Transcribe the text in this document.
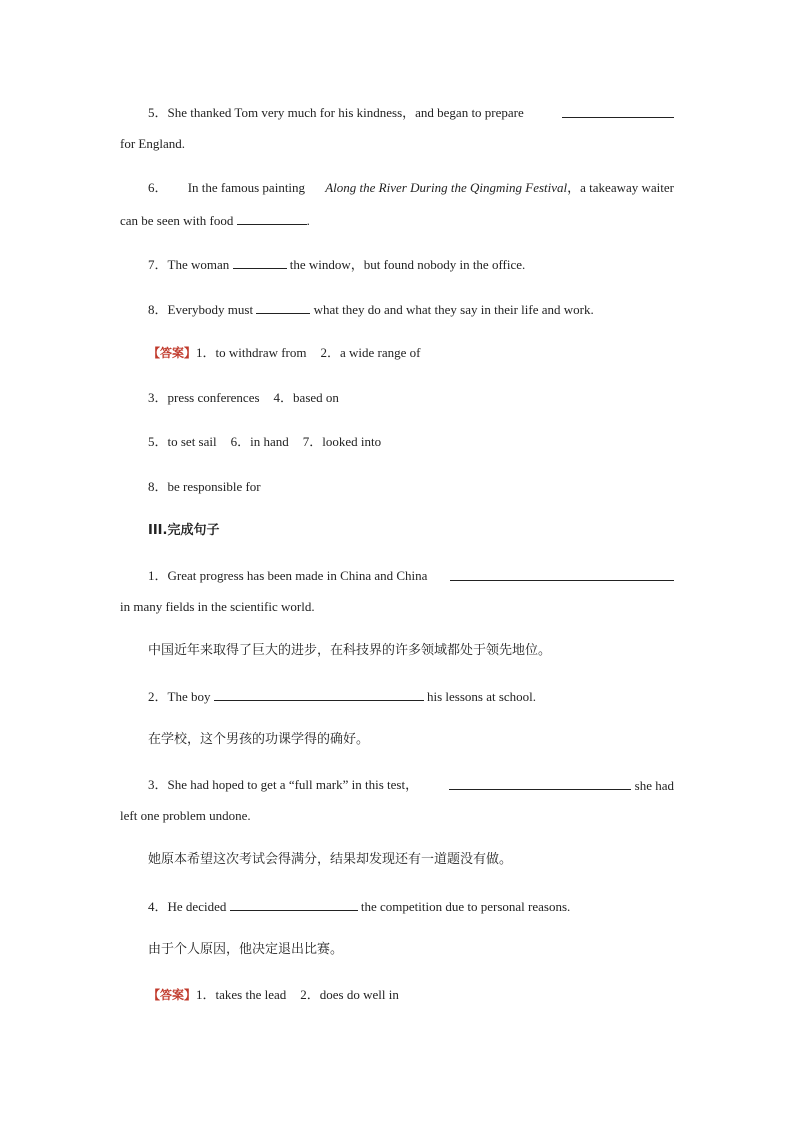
5．She thanked Tom very much for his kindness，and began to prepare
for England.
6． In the famous painting Along the River During the Qingming Festival，a takeaway waiter
can be seen with food	.
7．The woman	the window，but found nobody in the office.
8．Everybody must	what they do and what they say in their life and work.
【答案】1．to withdraw from 2．a wide range of
3．press conferences 4．based on
5．to set sail 6．in hand 7．looked into
8．be responsible for
III.完成句子
1．Great progress has been made in China and China
in many fields in the scientific world.
中国近年来取得了巨大的进步，在科技界的许多领域都处于领先地位。
2．The boy	his lessons at school.
在学校，这个男孩的功课学得的确好。
3．She had hoped to get a “full mark” in this test，	she had
left one problem undone.
她原本希望这次考试会得满分，结果却发现还有一道题没有做。
4．He decided	the competition due to personal reasons.
由于个人原因，他决定退出比赛。
【答案】1．takes the lead 2．does do well in
